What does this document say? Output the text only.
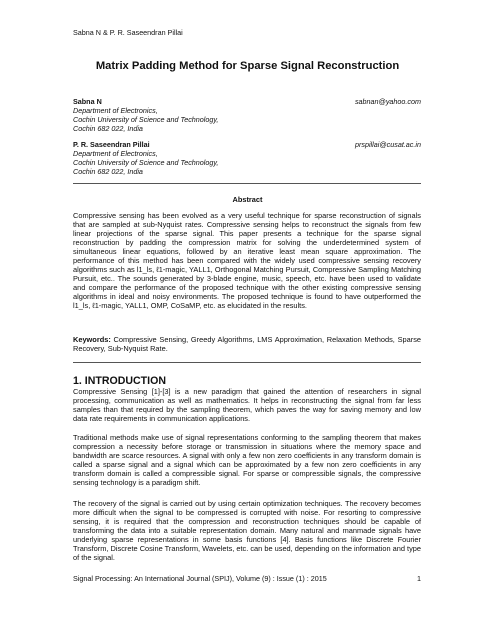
Sabna N & P. R. Saseendran Pillai
Matrix Padding Method for Sparse Signal Reconstruction
Sabna N	sabnan@yahoo.com
Department of Electronics,
Cochin University of Science and Technology,
Cochin 682 022, India
P. R. Saseendran Pillai	prspillai@cusat.ac.in
Department of Electronics,
Cochin University of Science and Technology,
Cochin 682 022, India
Abstract
Compressive sensing has been evolved as a very useful technique for sparse reconstruction of signals that are sampled at sub-Nyquist rates. Compressive sensing helps to reconstruct the signals from few linear projections of the sparse signal. This paper presents a technique for the sparse signal reconstruction by padding the compression matrix for solving the underdetermined system of simultaneous linear equations, followed by an iterative least mean square approximation. The performance of this method has been compared with the widely used compressive sensing recovery algorithms such as l1_ls, ℓ1-magic, YALL1, Orthogonal Matching Pursuit, Compressive Sampling Matching Pursuit, etc.. The sounds generated by 3-blade engine, music, speech, etc. have been used to validate and compare the performance of the proposed technique with the other existing compressive sensing algorithms in ideal and noisy environments. The proposed technique is found to have outperformed the l1_ls, ℓ1-magic, YALL1, OMP, CoSaMP, etc. as elucidated in the results.
Keywords: Compressive Sensing, Greedy Algorithms, LMS Approximation, Relaxation Methods, Sparse Recovery, Sub-Nyquist Rate.
1. INTRODUCTION
Compressive Sensing [1]-[3] is a new paradigm that gained the attention of researchers in signal processing, communication as well as mathematics. It helps in reconstructing the signal from far less samples than that required by the sampling theorem, which paves the way for saving memory and low data rate requirements in communication applications.
Traditional methods make use of signal representations conforming to the sampling theorem that makes compression a necessity before storage or transmission in situations where the memory space and bandwidth are scarce resources. A signal with only a few non zero coefficients in any transform domain is called a sparse signal and a signal which can be approximated by a few non zero coefficients in any transform domain is called a compressible signal. For sparse or compressible signals, the compressive sensing technology is a paradigm shift.
The recovery of the signal is carried out by using certain optimization techniques. The recovery becomes more difficult when the signal to be compressed is corrupted with noise. For resorting to compressive sensing, it is required that the compression and reconstruction techniques should be capable of transforming the data into a suitable representation domain. Many natural and manmade signals have underlying sparse representations in some basis functions [4]. Basis functions like Discrete Fourier Transform, Discrete Cosine Transform, Wavelets, etc. can be used, depending on the information and type of the signal.
Signal Processing: An International Journal (SPIJ), Volume (9) : Issue (1) : 2015	1
